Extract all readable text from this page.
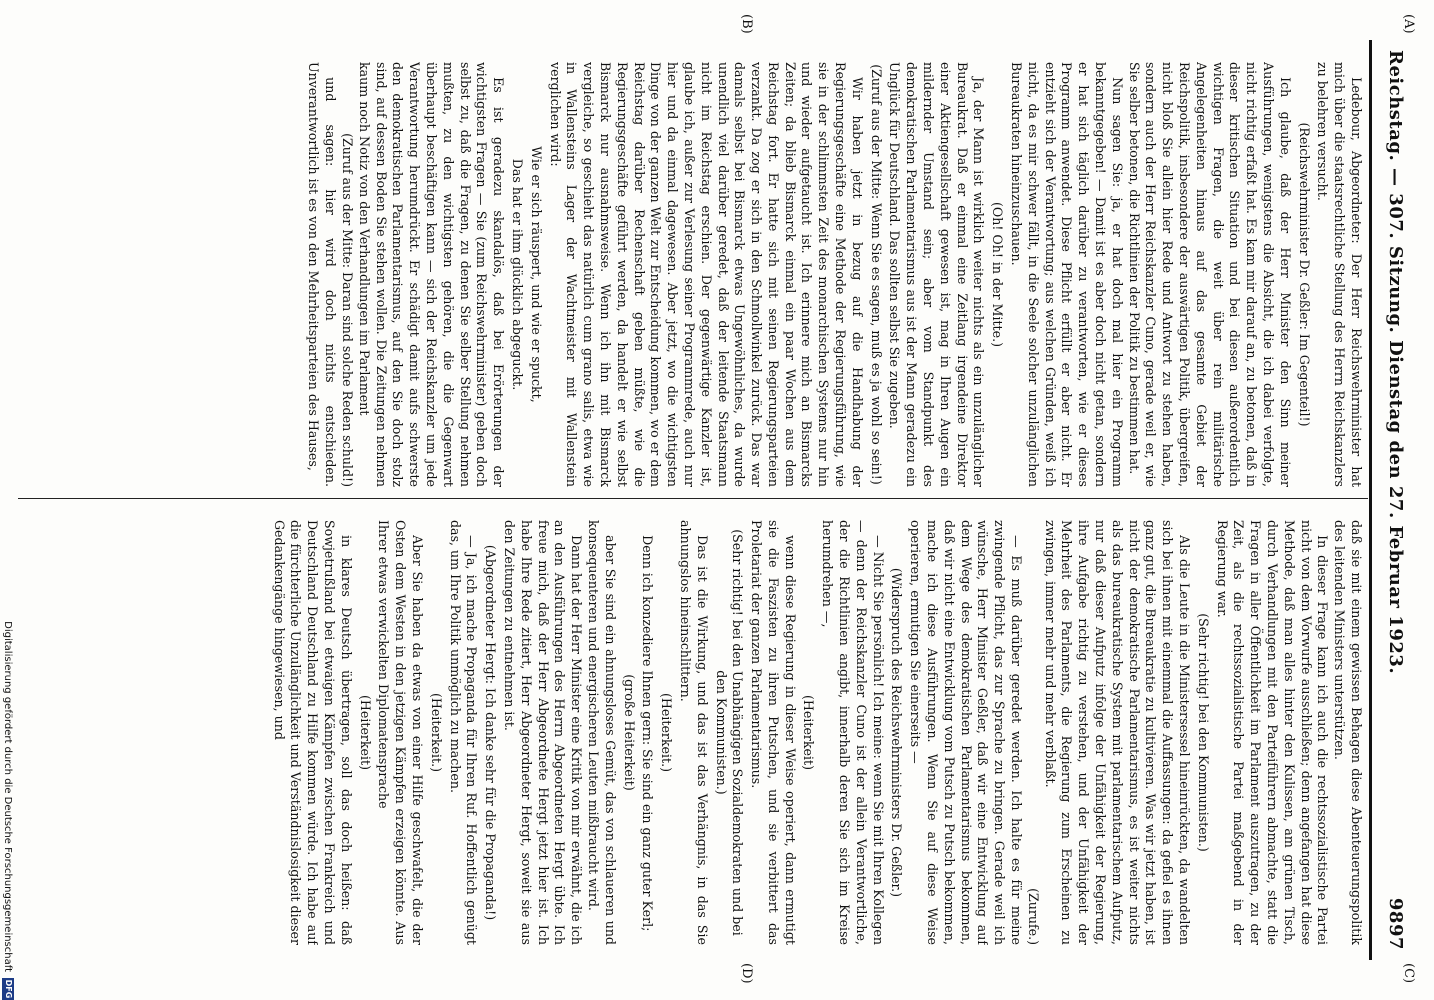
Reichstag. — 307. Sitzung. Dienstag den 27. Februar 1923.
9897
(A)
(B)
(C)
(D)

Ledebour, Abgeordneter: Der Herr Reichswehrminister hat mich über die staatsrechtliche Stellung des Herrn Reichskanzlers zu belehren versucht.

(Reichswehrminister Dr. Geßler: Im Gegenteil!)

Ich glaube, daß der Herr Minister den Sinn meiner Ausführungen, wenigstens die Absicht, die ich dabei verfolgte, nicht richtig erfaßt hat. Es kam mir darauf an, zu betonen, daß in dieser kritischen Situation und bei diesen außerordentlich wichtigen Fragen, die weit über rein militärische Angelegenheiten hinaus auf das gesamte Gebiet der Reichspolitik, insbesondere der auswärtigen Politik, übergreifen, nicht bloß Sie allein hier Rede und Antwort zu stehen haben, sondern auch der Herr Reichskanzler Cuno, gerade weil er, wie Sie selber betonen, die Richtlinien der Politik zu bestimmen hat.

Nun sagen Sie: ja, er hat doch mal hier ein Programm bekanntgegeben! — Damit ist es aber doch nicht getan, sondern er hat sich täglich darüber zu verantworten, wie er dieses Programm anwendet. Diese Pflicht erfüllt er aber nicht. Er entzieht sich der Verantwortung; aus welchen Gründen, weiß ich nicht, da es mir schwer fällt, in die Seele solcher unzulänglichen Bureaukraten hineinzuschauen.

(Oh! Oh! in der Mitte.)

Ja, der Mann ist wirklich weiter nichts als ein unzulänglicher Bureaukrat. Daß er einmal eine Zeitlang irgendeine Direktor einer Aktiengesellschaft gewesen ist, mag in Ihren Augen ein mildernder Umstand sein; aber vom Standpunkt des demokratischen Parlamentarismus aus ist der Mann geradezu ein Unglück für Deutschland. Das sollten selbst Sie zugeben.

(Zuruf aus der Mitte: Wenn Sie es sagen, muß es ja wohl so sein!)

Wir haben jetzt in bezug auf die Handhabung der Regierungsgeschäfte eine Methode der Regierungsführung, wie sie in der schlimmsten Zeit des monarchischen Systems nur hin und wieder aufgetaucht ist. Ich erinnere mich an Bismarcks Zeiten; da blieb Bismarck einmal ein paar Wochen aus dem Reichstag fort. Er hatte sich mit seinen Regierungsparteien verzankt. Da zog er sich in den Schmollwinkel zurück. Das war damals selbst bei Bismarck etwas Ungewöhnliches, da wurde unendlich viel darüber geredet, daß der leitende Staatsmann nicht im Reichstag erschien. Der gegenwärtige Kanzler ist, glaube ich, außer zur Verlesung seiner Programmrede, auch nur hier und da einmal dagewesen. Aber jetzt, wo die wichtigsten Dinge von der ganzen Welt zur Entscheidung kommen, wo er dem Reichstag darüber Rechenschaft geben müßte, wie die Regierungsgeschäfte geführt werden, da handelt er wie selbst Bismarck nur ausnahmsweise. Wenn ich ihn mit Bismarck vergleiche, so geschieht das natürlich cum grano salis, etwa wie in Wallensteins Lager der Wachtmeister mit Wallenstein verglichen wird:

Wie er sich räuspert, und wie er spuckt,

Das hat er ihm glücklich abgeguckt.

Es ist geradezu skandalös, daß bei Erörterungen der wichtigsten Fragen — Sie (zum Reichswehrminister) geben doch selbst zu, daß die Fragen, zu denen Sie selber Stellung nehmen mußten, zu den wichtigsten gehören, die die Gegenwart überhaupt beschäftigen kann — sich der Reichskanzler um jede Verantwortung herumdrückt. Er schädigt damit aufs schwerste den demokratischen Parlamentarismus, auf den Sie doch stolz sind, auf dessen Boden Sie stehen wollen. Die Zeitungen nehmen kaum noch Notiz von den Verhandlungen im Parlament

(Zuruf aus der Mitte: Daran sind solche Reden schuld!)

und sagen: hier wird doch nichts entschieden. Unverantwortlich ist es von den Mehrheitsparteien des Hauses,

daß sie mit einem gewissen Behagen diese Abenteuerungspolitik des leitenden Ministers unterstützen.

In dieser Frage kann ich auch die rechtssozialistische Partei nicht von dem Vorwurfe ausschließen; denn angefangen hat diese Methode, daß man alles hinter den Kulissen, am grünen Tisch, durch Verhandlungen mit den Parteiführern abmachte, statt die Fragen in aller Öffentlichkeit im Parlament auszutragen, zu der Zeit, als die rechtssozialistische Partei maßgebend in der Regierung war.

(Sehr richtig! bei den Kommunisten.)

Als die Leute in die Ministersessel hineinrückten, da wandelten sich bei ihnen mit einemmal die Auffassungen: da gefiel es ihnen ganz gut, die Bureaukratie zu kultivieren. Was wir jetzt haben, ist nicht der demokratische Parlamentarismus, es ist weiter nichts als das bureaukratische System mit parlamentarischem Aufputz, nur daß dieser Aufputz infolge der Unfähigkeit der Regierung, ihre Aufgabe richtig zu verstehen, und der Unfähigkeit der Mehrheit des Parlaments, die Regierung zum Erscheinen zu zwingen, immer mehr und mehr verblaßt.

(Zurufe.)

— Es muß darüber geredet werden. Ich halte es für meine zwingende Pflicht, das zur Sprache zu bringen. Gerade weil ich wünsche, Herr Minister Geßler, daß wir eine Entwicklung auf dem Wege des demokratischen Parlamentarismus bekommen, daß wir nicht eine Entwicklung vom Putsch zu Putsch bekommen, mache ich diese Ausführungen. Wenn Sie auf diese Weise operieren, ermutigen Sie einerseits —

(Widerspruch des Reichswehrministers Dr. Geßler.)

— Nicht Sie persönlich! Ich meine: wenn Sie mit Ihren Kollegen — denn der Reichskanzler Cuno ist der allein Verantwortliche, der die Richtlinien angibt, innerhalb deren Sie sich im Kreise herumdrehen —,

(Heiterkeit)

wenn diese Regierung in dieser Weise operiert, dann ermutigt sie die Faszisten zu ihren Putschen, und sie verbittert das Proletariat der ganzen Parlamentarismus.

(Sehr richtig! bei den Unabhängigen Sozialdemokraten und bei den Kommunisten.)

Das ist die Wirkung, und das ist das Verhängnis, in das Sie ahnungslos hineinschlittern.

(Heiterkeit.)

Denn ich konzediere Ihnen gern: Sie sind ein ganz guter Kerl;

(große Heiterkeit)

aber Sie sind ein ahnungsloses Gemüt, das von schlaueren und konsequenteren und energischeren Leuten mißbraucht wird.

Dann hat der Herr Minister eine Kritik von mir erwähnt, die ich an den Ausführungen des Herrn Abgeordneten Hergt übte. Ich freue mich, daß der Herr Abgeordnete Hergt jetzt hier ist. Ich habe Ihre Rede zitiert, Herr Abgeordneter Hergt, soweit sie aus den Zeitungen zu entnehmen ist.

(Abgeordneter Hergt: Ich danke sehr für die Propaganda!)

— Ja, ich mache Propaganda für Ihren Ruf. Hoffentlich genügt das, um Ihre Politik unmöglich zu machen.

(Heiterkeit.)

Aber Sie haben da etwas von einer Hilfe geschwafelt, die der Osten dem Westen in den jetzigen Kämpfen erzeigen könnte. Aus Ihrer etwas verwickelten Diplomatensprache

(Heiterkeit)

in klares Deutsch übertragen, soll das doch heißen: daß Sowjetrußland bei etwaigen Kämpfen zwischen Frankreich und Deutschland Deutschland zu Hilfe kommen würde. Ich habe auf die fürchterliche Unzulänglichkeit und Verständnislosigkeit dieser Gedankengänge hingewiesen, und

Digitalisierung gefördert durch die Deutsche Forschungsgemeinschaft
DFG
